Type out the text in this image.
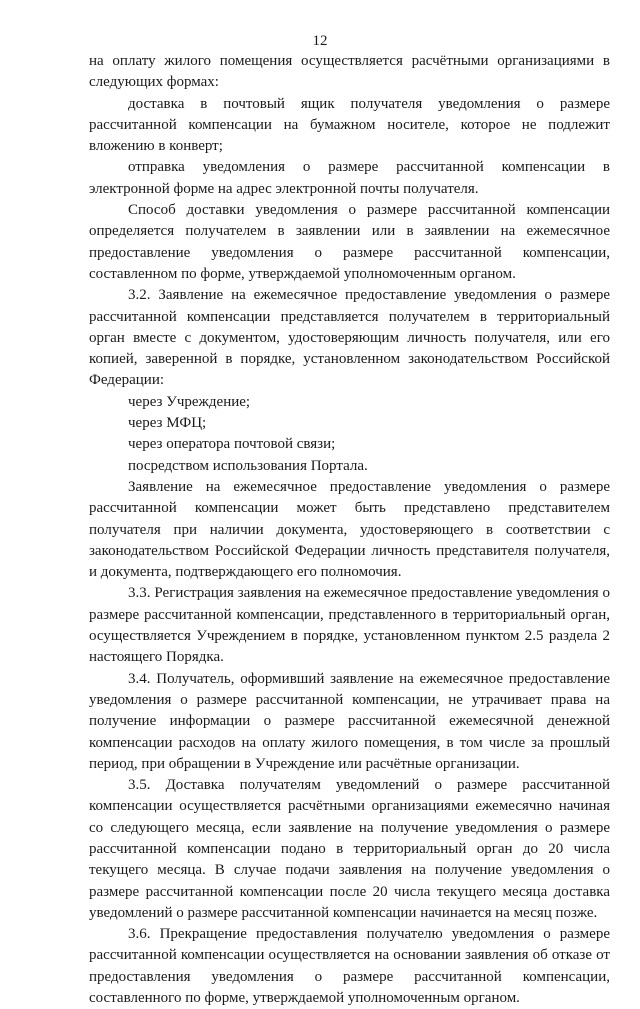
12

на оплату жилого помещения осуществляется расчётными организациями в следующих формах:

доставка в почтовый ящик получателя уведомления о размере рассчитанной компенсации на бумажном носителе, которое не подлежит вложению в конверт;

отправка уведомления о размере рассчитанной компенсации в электронной форме на адрес электронной почты получателя.

Способ доставки уведомления о размере рассчитанной компенсации определяется получателем в заявлении или в заявлении на ежемесячное предоставление уведомления о размере рассчитанной компенсации, составленном по форме, утверждаемой уполномоченным органом.

3.2. Заявление на ежемесячное предоставление уведомления о размере рассчитанной компенсации представляется получателем в территориальный орган вместе с документом, удостоверяющим личность получателя, или его копией, заверенной в порядке, установленном законодательством Российской Федерации:

через Учреждение;

через МФЦ;

через оператора почтовой связи;

посредством использования Портала.

Заявление на ежемесячное предоставление уведомления о размере рассчитанной компенсации может быть представлено представителем получателя при наличии документа, удостоверяющего в соответствии с законодательством Российской Федерации личность представителя получателя, и документа, подтверждающего его полномочия.

3.3. Регистрация заявления на ежемесячное предоставление уведомления о размере рассчитанной компенсации, представленного в территориальный орган, осуществляется Учреждением в порядке, установленном пунктом 2.5 раздела 2 настоящего Порядка.

3.4. Получатель, оформивший заявление на ежемесячное предоставление уведомления о размере рассчитанной компенсации, не утрачивает права на получение информации о размере рассчитанной ежемесячной денежной компенсации расходов на оплату жилого помещения, в том числе за прошлый период, при обращении в Учреждение или расчётные организации.

3.5. Доставка получателям уведомлений о размере рассчитанной компенсации осуществляется расчётными организациями ежемесячно начиная со следующего месяца, если заявление на получение уведомления о размере рассчитанной компенсации подано в территориальный орган до 20 числа текущего месяца. В случае подачи заявления на получение уведомления о размере рассчитанной компенсации после 20 числа текущего месяца доставка уведомлений о размере рассчитанной компенсации начинается на месяц позже.

3.6. Прекращение предоставления получателю уведомления о размере рассчитанной компенсации осуществляется на основании заявления об отказе от предоставления уведомления о размере рассчитанной компенсации, составленного по форме, утверждаемой уполномоченным органом.
